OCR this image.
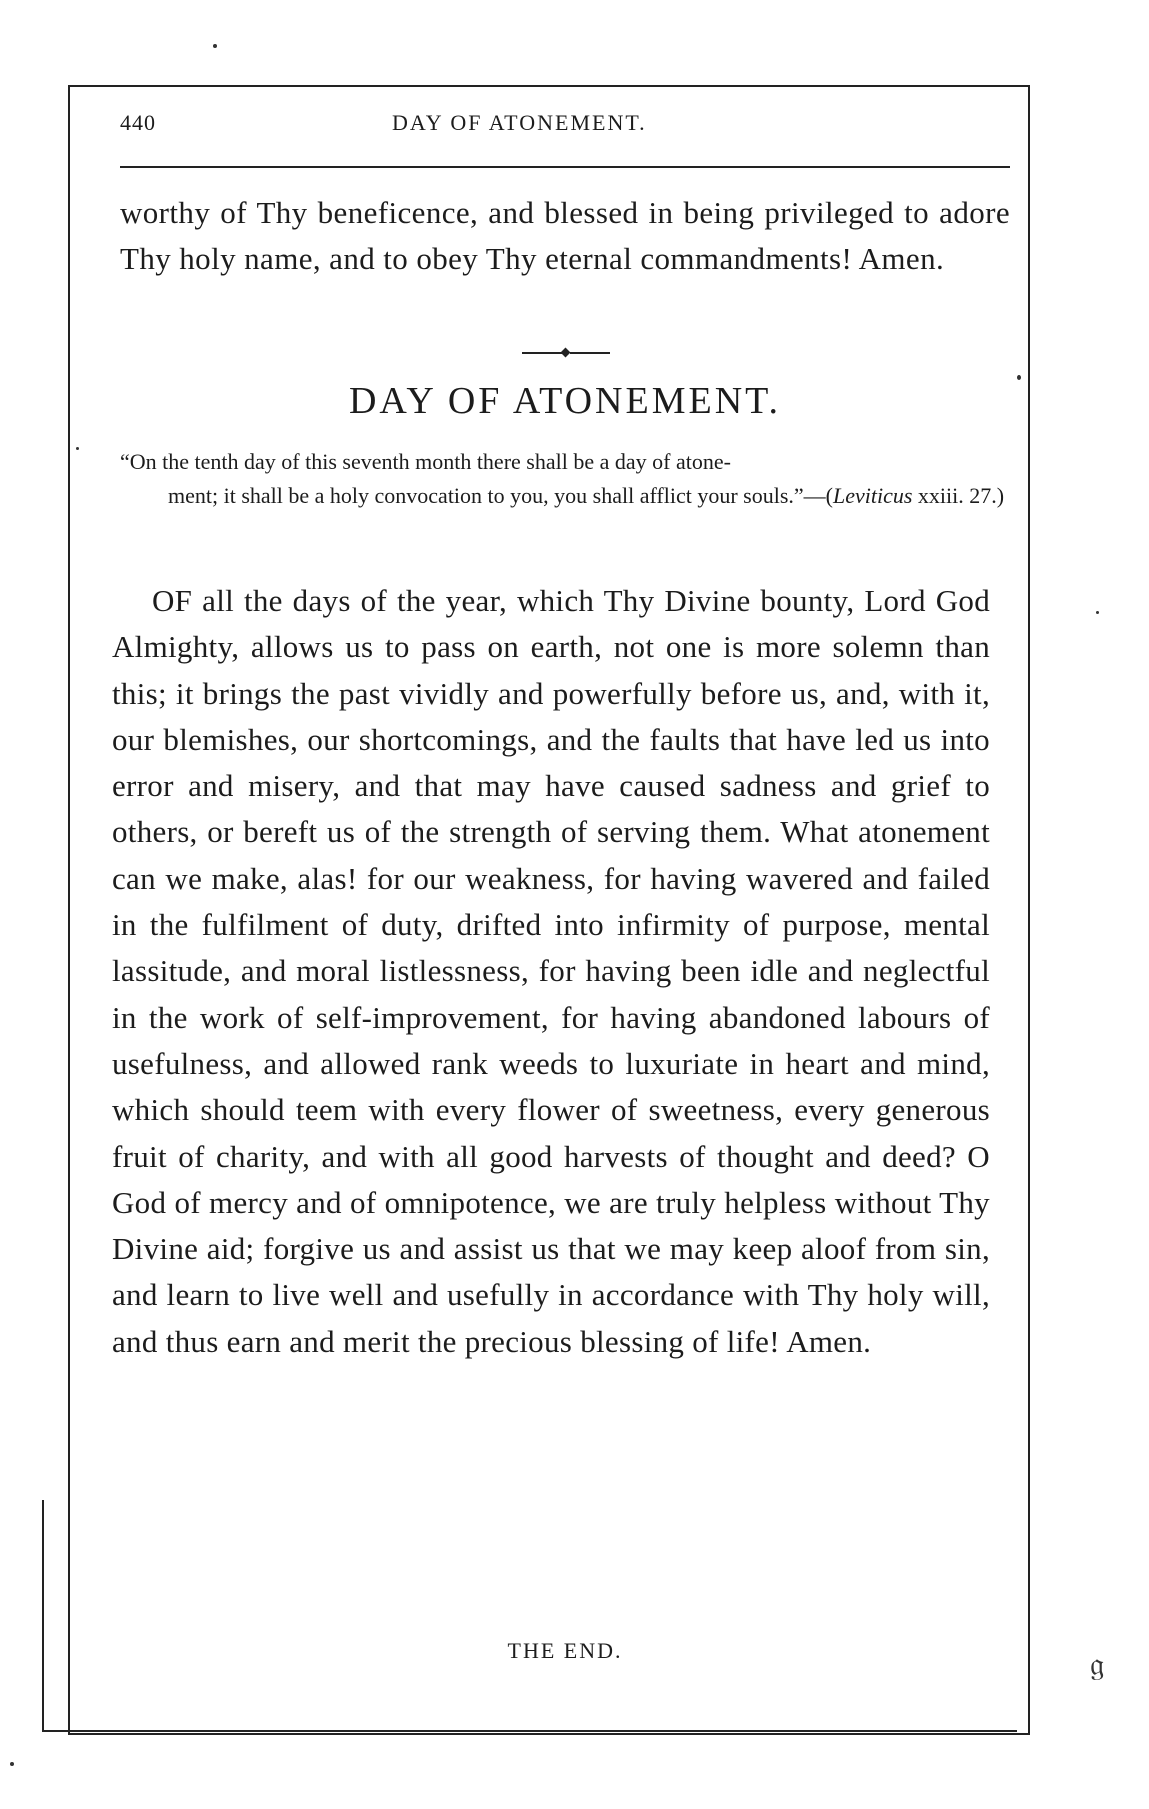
440	DAY OF ATONEMENT.

worthy of Thy beneficence, and blessed in being privileged to adore Thy holy name, and to obey Thy eternal commandments! Amen.

DAY OF ATONEMENT.
“On the tenth day of this seventh month there shall be a day of atone-
ment; it shall be a holy convocation to you, you shall afflict your souls.”—(Leviticus xxiii. 27.)

OF all the days of the year, which Thy Divine bounty, Lord God Almighty, allows us to pass on earth, not one is more solemn than this; it brings the past vividly and powerfully before us, and, with it, our blemishes, our shortcomings, and the faults that have led us into error and misery, and that may have caused sadness and grief to others, or bereft us of the strength of serving them. What atonement can we make, alas! for our weakness, for having wavered and failed in the fulfilment of duty, drifted into infirmity of purpose, mental lassitude, and moral listlessness, for having been idle and neglectful in the work of self-improvement, for having abandoned labours of usefulness, and allowed rank weeds to luxuriate in heart and mind, which should teem with every flower of sweetness, every generous fruit of charity, and with all good harvests of thought and deed? O God of mercy and of omnipotence, we are truly helpless without Thy Divine aid; forgive us and assist us that we may keep aloof from sin, and learn to live well and usefully in accordance with Thy holy will, and thus earn and merit the precious blessing of life! Amen.

THE END.	𝔤
